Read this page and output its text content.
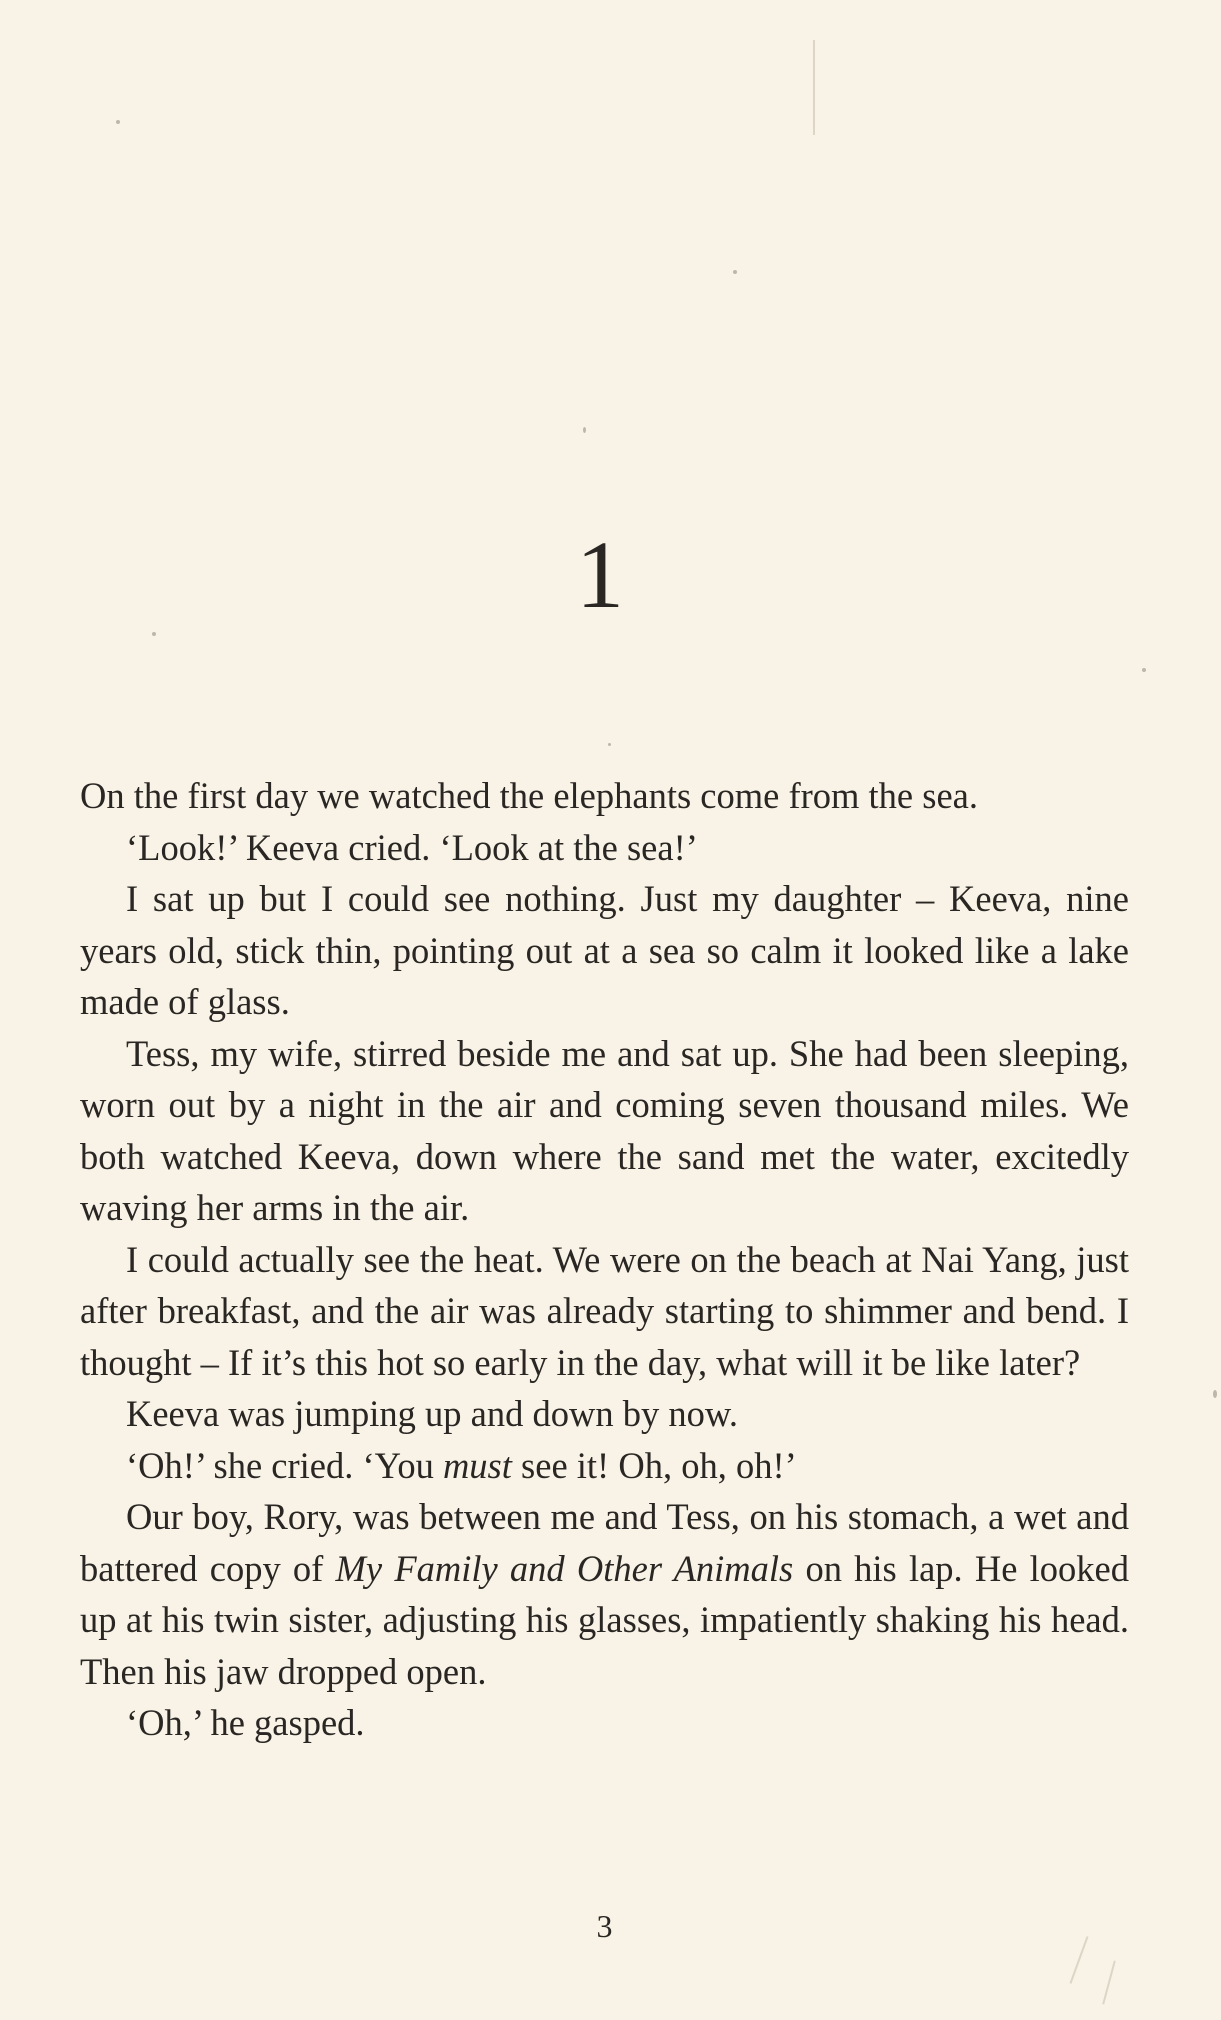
1

On the first day we watched the elephants come from the sea.

‘Look!’ Keeva cried. ‘Look at the sea!’

I sat up but I could see nothing. Just my daughter – Keeva, nine years old, stick thin, pointing out at a sea so calm it looked like a lake made of glass.

Tess, my wife, stirred beside me and sat up. She had been sleeping, worn out by a night in the air and coming seven thousand miles. We both watched Keeva, down where the sand met the water, excitedly waving her arms in the air.

I could actually see the heat. We were on the beach at Nai Yang, just after breakfast, and the air was already starting to shimmer and bend. I thought – If it’s this hot so early in the day, what will it be like later?

Keeva was jumping up and down by now.

‘Oh!’ she cried. ‘You must see it! Oh, oh, oh!’

Our boy, Rory, was between me and Tess, on his stomach, a wet and battered copy of My Family and Other Animals on his lap. He looked up at his twin sister, adjusting his glasses, impatiently shaking his head. Then his jaw dropped open.

‘Oh,’ he gasped.

3
